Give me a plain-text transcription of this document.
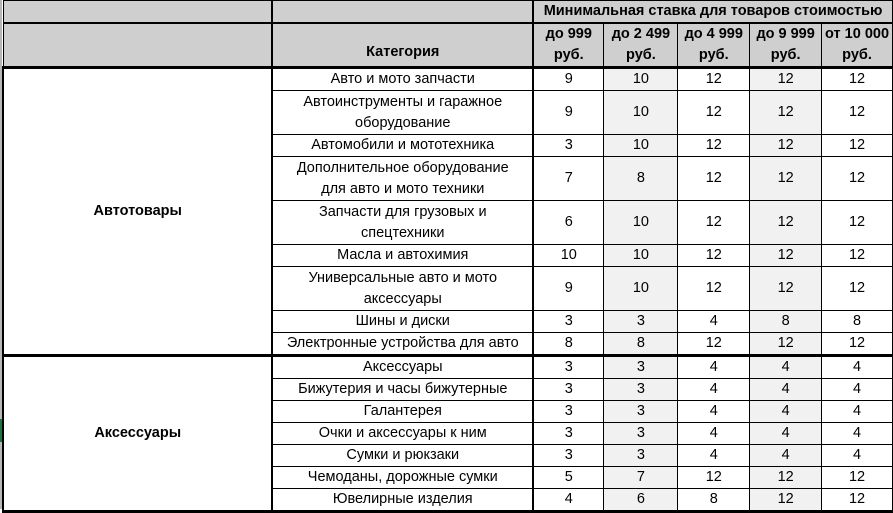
		Минимальная ставка для товаров стоимостью				
	Категория	до 999 руб.	до 2 499 руб.	до 4 999 руб.	до 9 999 руб.	от 10 000 руб.
Автотовары	Авто и мото запчасти	9	10	12	12	12
	Автоинструменты и гаражное оборудование	9	10	12	12	12
	Автомобили и мототехника	3	10	12	12	12
	Дополнительное оборудование для авто и мото техники	7	8	12	12	12
	Запчасти для грузовых и спецтехники	6	10	12	12	12
	Масла и автохимия	10	10	12	12	12
	Универсальные авто и мото аксессуары	9	10	12	12	12
	Шины и диски	3	3	4	8	8
	Электронные устройства для авто	8	8	12	12	12
Аксессуары	Аксессуары	3	3	4	4	4
	Бижутерия и часы бижутерные	3	3	4	4	4
	Галантерея	3	3	4	4	4
	Очки и аксессуары к ним	3	3	4	4	4
	Сумки и рюкзаки	3	3	4	4	4
	Чемоданы, дорожные сумки	5	7	12	12	12
	Ювелирные изделия	4	6	8	12	12
